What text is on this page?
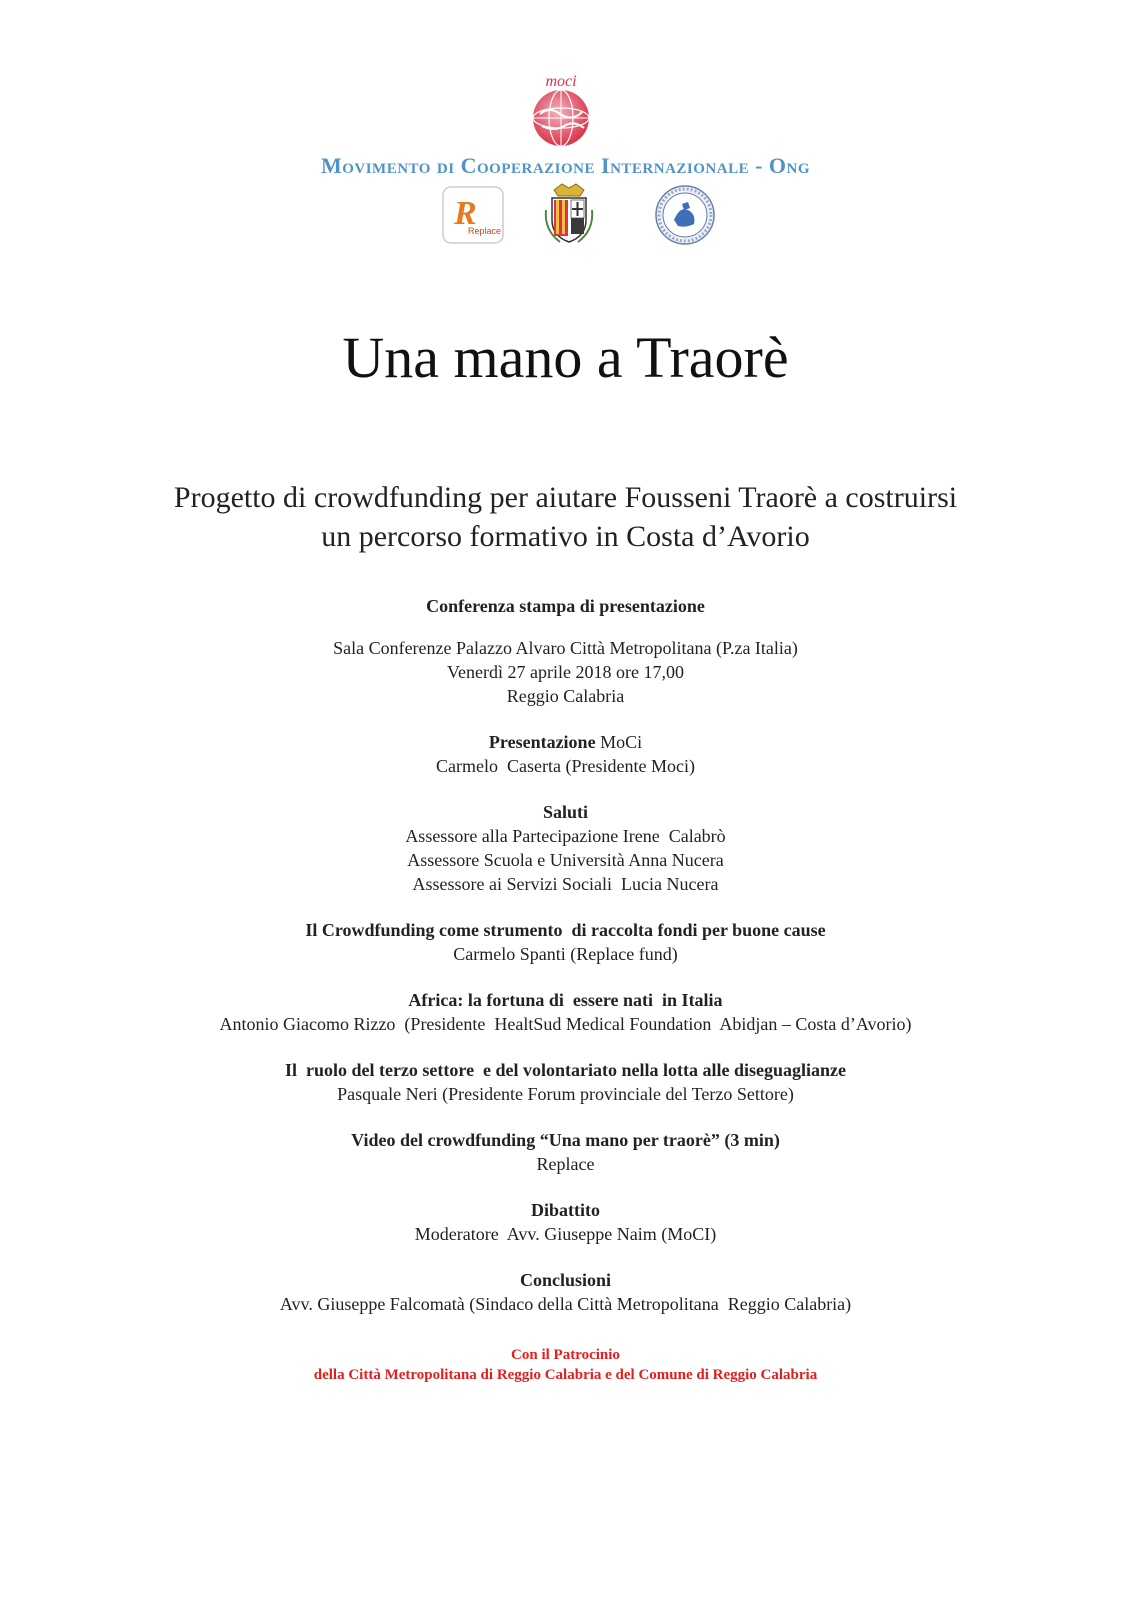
moci
Movimento di Cooperazione Internazionale - Ong
R
Replace
Una mano a Traorè

Progetto di crowdfunding per aiutare Fousseni Traorè a costruirsi
un percorso formativo in Costa d’Avorio

Conferenza stampa di presentazione
Sala Conferenze Palazzo Alvaro Città Metropolitana (P.za Italia)
Venerdì 27 aprile 2018 ore 17,00
Reggio Calabria
Presentazione MoCi
Carmelo  Caserta (Presidente Moci)
Saluti
Assessore alla Partecipazione Irene  Calabrò
Assessore Scuola e Università Anna Nucera
Assessore ai Servizi Sociali  Lucia Nucera
Il Crowdfunding come strumento  di raccolta fondi per buone cause
Carmelo Spanti (Replace fund)
Africa: la fortuna di  essere nati  in Italia
Antonio Giacomo Rizzo  (Presidente  HealtSud Medical Foundation  Abidjan – Costa d’Avorio)
Il  ruolo del terzo settore  e del volontariato nella lotta alle diseguaglianze
Pasquale Neri (Presidente Forum provinciale del Terzo Settore)
Video del crowdfunding “Una mano per traorè” (3 min)
Replace
Dibattito
Moderatore  Avv. Giuseppe Naim (MoCI)
Conclusioni
Avv. Giuseppe Falcomatà (Sindaco della Città Metropolitana  Reggio Calabria)
Con il Patrocinio
della Città Metropolitana di Reggio Calabria e del Comune di Reggio Calabria
